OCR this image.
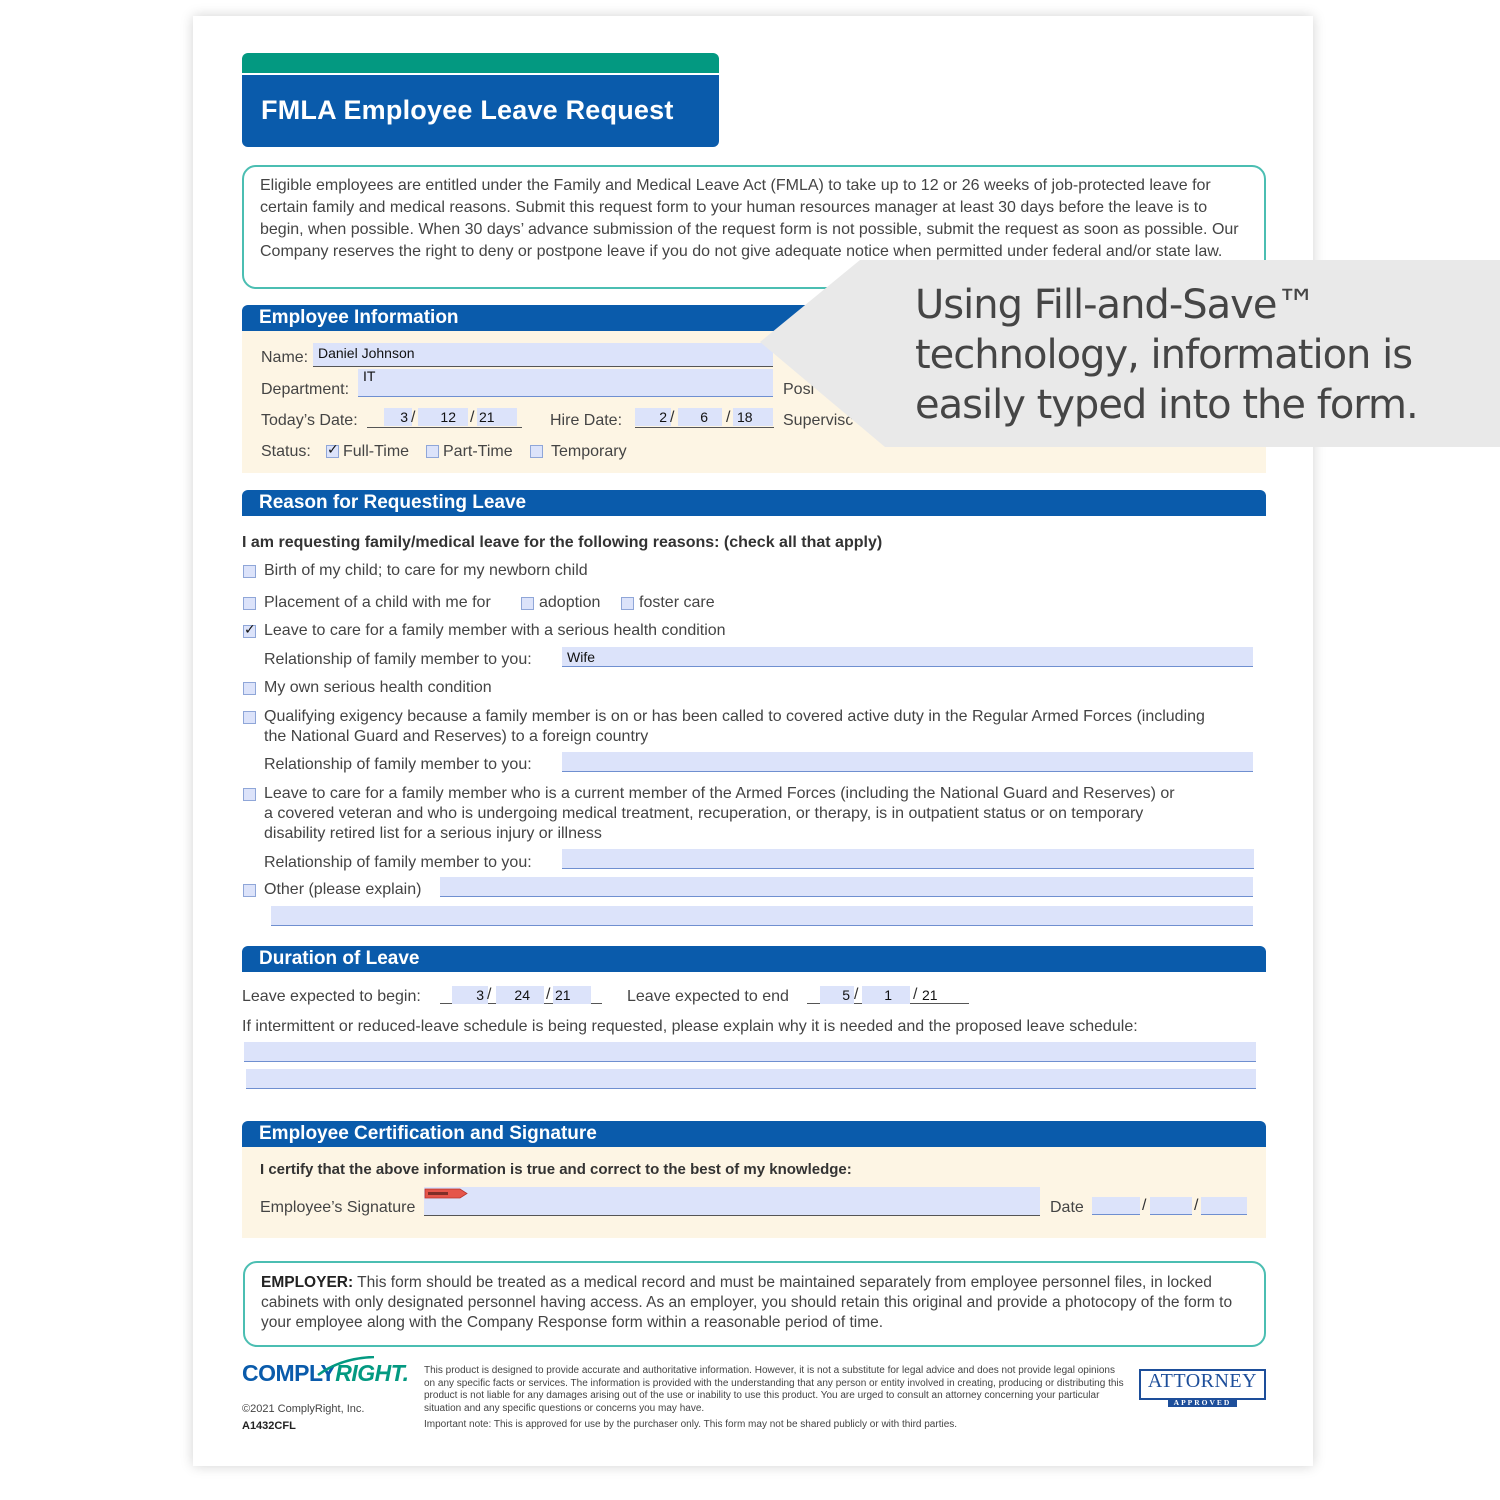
FMLA Employee Leave Request
Eligible employees are entitled under the Family and Medical Leave Act (FMLA) to take up to 12 or 26 weeks of job-protected leave for certain family and medical reasons. Submit this request form to your human resources manager at least 30 days before the leave is to begin, when possible. When 30 days’ advance submission of the request form is not possible, submit the request as soon as possible. Our Company reserves the right to deny or postpone leave if you do not give adequate notice when permitted under federal and/or state law.
Employee Information
Name: Daniel Johnson
Department:
IT
Posi
Today’s Date:	3 /	12 / 21	Hire Date:	2 /	6	/ 18	Supervisc
Status: ✓ Full-Time Part-Time Temporary
Reason for Requesting Leave
I am requesting family/medical leave for the following reasons: (check all that apply)
Birth of my child; to care for my newborn child
Placement of a child with me for	adoption foster care
✓
Leave to care for a family member with a serious health condition
Relationship of family member to you:	Wife
My own serious health condition
Qualifying exigency because a family member is on or has been called to covered active duty in the Regular Armed Forces (including
the National Guard and Reserves) to a foreign country
Relationship of family member to you:
Leave to care for a family member who is a current member of the Armed Forces (including the National Guard and Reserves) or
a covered veteran and who is undergoing medical treatment, recuperation, or therapy, is in outpatient status or on temporary
disability retired list for a serious injury or illness
Relationship of family member to you:
Other (please explain)
Duration of Leave
Leave expected to begin:	3 /	24	/ 21	Leave expected to end	5 /	1	/ 21
If intermittent or reduced-leave schedule is being requested, please explain why it is needed and the proposed leave schedule:
Employee Certification and Signature
I certify that the above information is true and correct to the best of my knowledge:
Employee’s Signature	Date	/	/
EMPLOYER: This form should be treated as a medical record and must be maintained separately from employee personnel files, in locked cabinets with only designated personnel having access. As an employer, you should retain this original and provide a photocopy of the form to your employee along with the Company Response form within a reasonable period of time.
COMPLYRIGHT.
©2021 ComplyRight, Inc.
A1432CFL
This product is designed to provide accurate and authoritative information. However, it is not a substitute for legal advice and does not provide legal opinions on any specific facts or services. The information is provided with the understanding that any person or entity involved in creating, producing or distributing this product is not liable for any damages arising out of the use or inability to use this product. You are urged to consult an attorney concerning your particular situation and any specific questions or concerns you may have.
Important note: This is approved for use by the purchaser only. This form may not be shared publicly or with third parties.
ATTORNEY
APPROVED
Using Fill-and-Save™
technology, information is
easily typed into the form.
